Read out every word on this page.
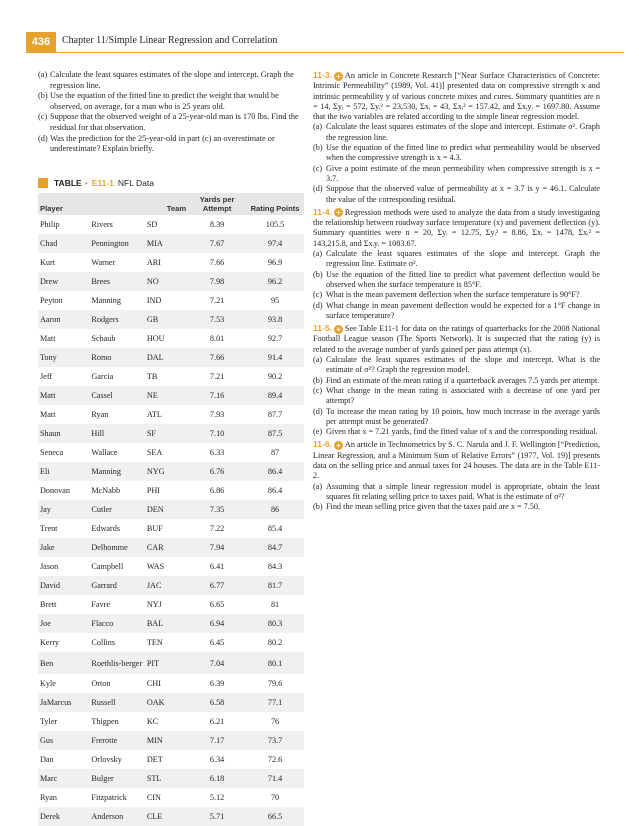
436	Chapter 11/Simple Linear Regression and Correlation
(a) Calculate the least squares estimates of the slope and intercept. Graph the regression line.
(b) Use the equation of the fitted line to predict the weight that would be observed, on average, for a man who is 25 years old.
(c) Suppose that the observed weight of a 25-year-old man is 170 lbs. Find the residual for that observation.
(d) Was the prediction for the 25-year-old in part (c) an overestimate or underestimate? Explain briefly.
TABLE • E11-1 NFL Data
Player		Team	Yards per Attempt	Rating Points
Philip	Rivers	SD	8.39	105.5
Chad	Pennington	MIA	7.67	97.4
Kurt	Warner	ARI	7.66	96.9
Drew	Brees	NO	7.98	96.2
Peyton	Manning	IND	7.21	95
Aaron	Rodgers	GB	7.53	93.8
Matt	Schaub	HOU	8.01	92.7
Tony	Romo	DAL	7.66	91.4
Jeff	Garcia	TB	7.21	90.2
Matt	Cassel	NE	7.16	89.4
Matt	Ryan	ATL	7.93	87.7
Shaun	Hill	SF	7.10	87.5
Seneca	Wallace	SEA	6.33	87
Eli	Manning	NYG	6.76	86.4
Donovan	McNabb	PHI	6.86	86.4
Jay	Cutler	DEN	7.35	86
Trent	Edwards	BUF	7.22	85.4
Jake	Delhomme	CAR	7.94	84.7
Jason	Campbell	WAS	6.41	84.3
David	Garrard	JAC	6.77	81.7
Brett	Favre	NYJ	6.65	81
Joe	Flacco	BAL	6.94	80.3
Kerry	Collins	TEN	6.45	80.2
Ben	Roethlis-berger	PIT	7.04	80.1
Kyle	Orton	CHI	6.39	79.6
JaMarcus	Russell	OAK	6.58	77.1
Tyler	Thigpen	KC	6.21	76
Gus	Frerotte	MIN	7.17	73.7
Dan	Orlovsky	DET	6.34	72.6
Marc	Bulger	STL	6.18	71.4
Ryan	Fitzpatrick	CIN	5.12	70
Derek	Anderson	CLE	5.71	66.5

11-3. + An article in Concrete Research [“Near Surface Characteristics of Concrete: Intrinsic Permeability” (1989, Vol. 41)] presented data on compressive strength x and intrinsic permeability y of various concrete mixes and cures. Summary quantities are n = 14, Σyᵢ = 572, Σyᵢ² = 23,530, Σxᵢ = 43, Σxᵢ² = 157.42, and Σxᵢyᵢ = 1697.80. Assume that the two variables are related according to the simple linear regression model.

(a) Calculate the least squares estimates of the slope and intercept. Estimate σ². Graph the regression line.
(b) Use the equation of the fitted line to predict what permeability would be observed when the compressive strength is x = 4.3.
(c) Give a point estimate of the mean permeability when compressive strength is x = 3.7.
(d) Suppose that the observed value of permeability at x = 3.7 is y = 46.1. Calculate the value of the corresponding residual.

11-4. + Regression methods were used to analyze the data from a study investigating the relationship between roadway surface temperature (x) and pavement deflection (y). Summary quantities were n = 20, Σyᵢ = 12.75, Σyᵢ² = 8.86, Σxᵢ = 1478, Σxᵢ² = 143,215.8, and Σxᵢyᵢ = 1083.67.

(a) Calculate the least squares estimates of the slope and intercept. Graph the regression line. Estimate σ².
(b) Use the equation of the fitted line to predict what pavement deflection would be observed when the surface temperature is 85°F.
(c) What is the mean pavement deflection when the surface temperature is 90°F?
(d) What change in mean pavement deflection would be expected for a 1°F change in surface temperature?

11-5. + See Table E11-1 for data on the ratings of quarterbacks for the 2008 National Football League season (The Sports Network). It is suspected that the rating (y) is related to the average number of yards gained per pass attempt (x).

(a) Calculate the least squares estimates of the slope and intercept. What is the estimate of σ²? Graph the regression model.
(b) Find an estimate of the mean rating if a quarterback averages 7.5 yards per attempt.
(c) What change in the mean rating is associated with a decrease of one yard per attempt?
(d) To increase the mean rating by 10 points, how much increase in the average yards per attempt must be generated?
(e) Given that x = 7.21 yards, find the fitted value of x and the corresponding residual.

11-6. + An article in Technometrics by S. C. Narula and J. F. Wellington [“Prediction, Linear Regression, and a Minimum Sum of Relative Errors” (1977, Vol. 19)] presents data on the selling price and annual taxes for 24 houses. The data are in the Table E11-2.

(a) Assuming that a simple linear regression model is appropriate, obtain the least squares fit relating selling price to taxes paid. What is the estimate of σ²?
(b) Find the mean selling price given that the taxes paid are x = 7.50.
